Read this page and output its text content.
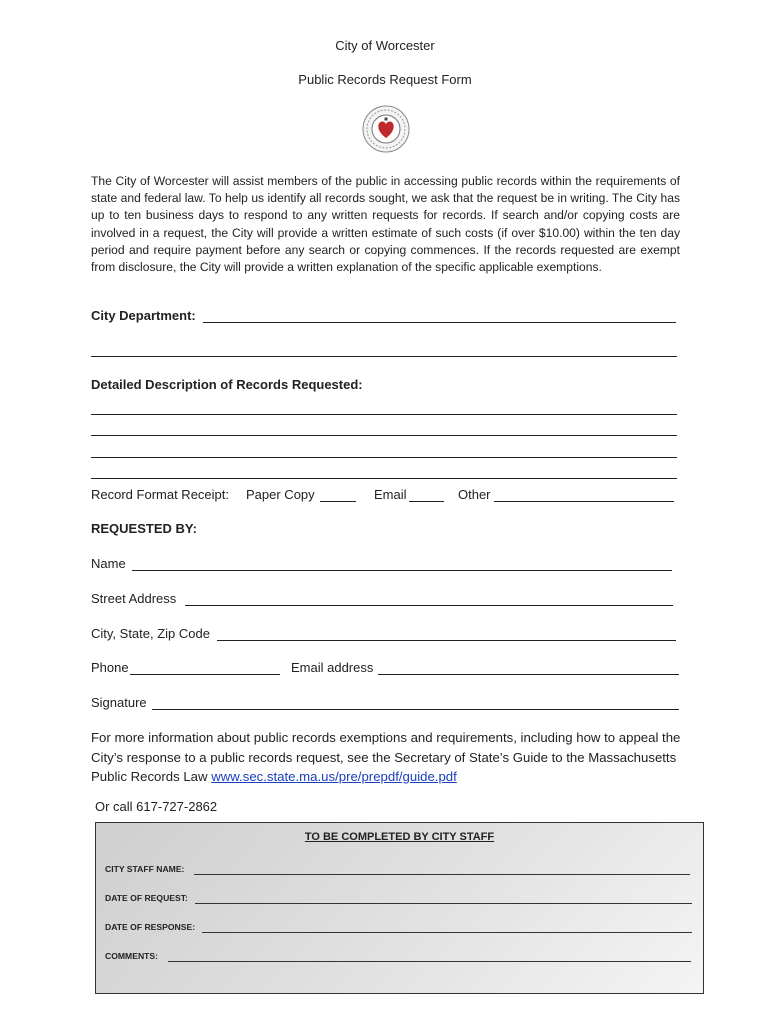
City of Worcester
Public Records Request Form

The City of Worcester will assist members of the public in accessing public records within the requirements of state and federal law. To help us identify all records sought, we ask that the request be in writing. The City has up to ten business days to respond to any written requests for records. If search and/or copying costs are involved in a request, the City will provide a written estimate of such costs (if over $10.00) within the ten day period and require payment before any search or copying commences. If the records requested are exempt from disclosure, the City will provide a written explanation of the specific applicable exemptions.

City Department:
Detailed Description of Records Requested:
Record Format Receipt: Paper Copy	Email	Other
REQUESTED BY:
Name
Street Address
City, State, Zip Code
Phone	Email address
Signature

For more information about public records exemptions and requirements, including how to appeal the City’s response to a public records request, see the Secretary of State’s Guide to the Massachusetts Public Records Law www.sec.state.ma.us/pre/prepdf/guide.pdf

Or call 617-727-2862
TO BE COMPLETED BY CITY STAFF
CITY STAFF NAME:
DATE OF REQUEST:
DATE OF RESPONSE:
COMMENTS:
